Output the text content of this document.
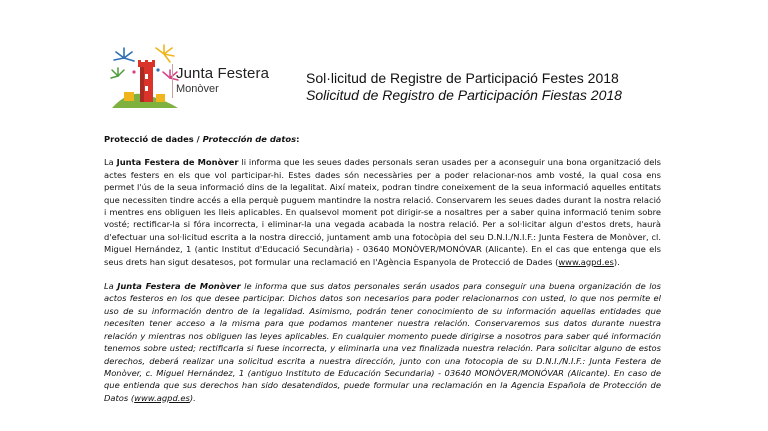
Junta Festera
Monòver
Sol·licitud de Registre de Participació Festes 2018
Solicitud de Registro de Participación Fiestas 2018
Protecció de dades / Protección de datos:

La Junta Festera de Monòver li informa que les seues dades personals seran usades per a aconseguir una bona organització dels actes festers en els que vol participar-hi. Estes dades són necessàries per a poder relacionar-nos amb vosté, la qual cosa ens permet l'ús de la seua informació dins de la legalitat. Així mateix, podran tindre coneixement de la seua informació aquelles entitats que necessiten tindre accés a ella perquè puguem mantindre la nostra relació. Conservarem les seues dades durant la nostra relació i mentres ens obliguen les lleis aplicables. En qualsevol moment pot dirigir-se a nosaltres per a saber quina informació tenim sobre vosté; rectificar-la si fóra incorrecta, i eliminar-la una vegada acabada la nostra relació. Per a sol·licitar algun d'estos drets, haurà d'efectuar una sol·licitud escrita a la nostra direcció, juntament amb una fotocòpia del seu D.N.I./N.I.F.: Junta Festera de Monòver, cl. Miguel Hernández, 1 (antic Institut d'Educació Secundària) - 03640 MONÒVER/MONÓVAR (Alicante). En el cas que entenga que els seus drets han sigut desatesos, pot formular una reclamació en l'Agència Espanyola de Protecció de Dades (www.agpd.es).

La Junta Festera de Monòver le informa que sus datos personales serán usados para conseguir una buena organización de los actos festeros en los que desee participar. Dichos datos son necesarios para poder relacionarnos con usted, lo que nos permite el uso de su información dentro de la legalidad. Asimismo, podrán tener conocimiento de su información aquellas entidades que necesiten tener acceso a la misma para que podamos mantener nuestra relación. Conservaremos sus datos durante nuestra relación y mientras nos obliguen las leyes aplicables. En cualquier momento puede dirigirse a nosotros para saber qué información tenemos sobre usted; rectificarla si fuese incorrecta, y eliminarla una vez finalizada nuestra relación. Para solicitar alguno de estos derechos, deberá realizar una solicitud escrita a nuestra dirección, junto con una fotocopia de su D.N.I./N.I.F.: Junta Festera de Monòver, c. Miguel Hernández, 1 (antiguo Instituto de Educación Secundaria) - 03640 MONÒVER/MONÓVAR (Alicante). En caso de que entienda que sus derechos han sido desatendidos, puede formular una reclamación en la Agencia Española de Protección de Datos (www.agpd.es).
